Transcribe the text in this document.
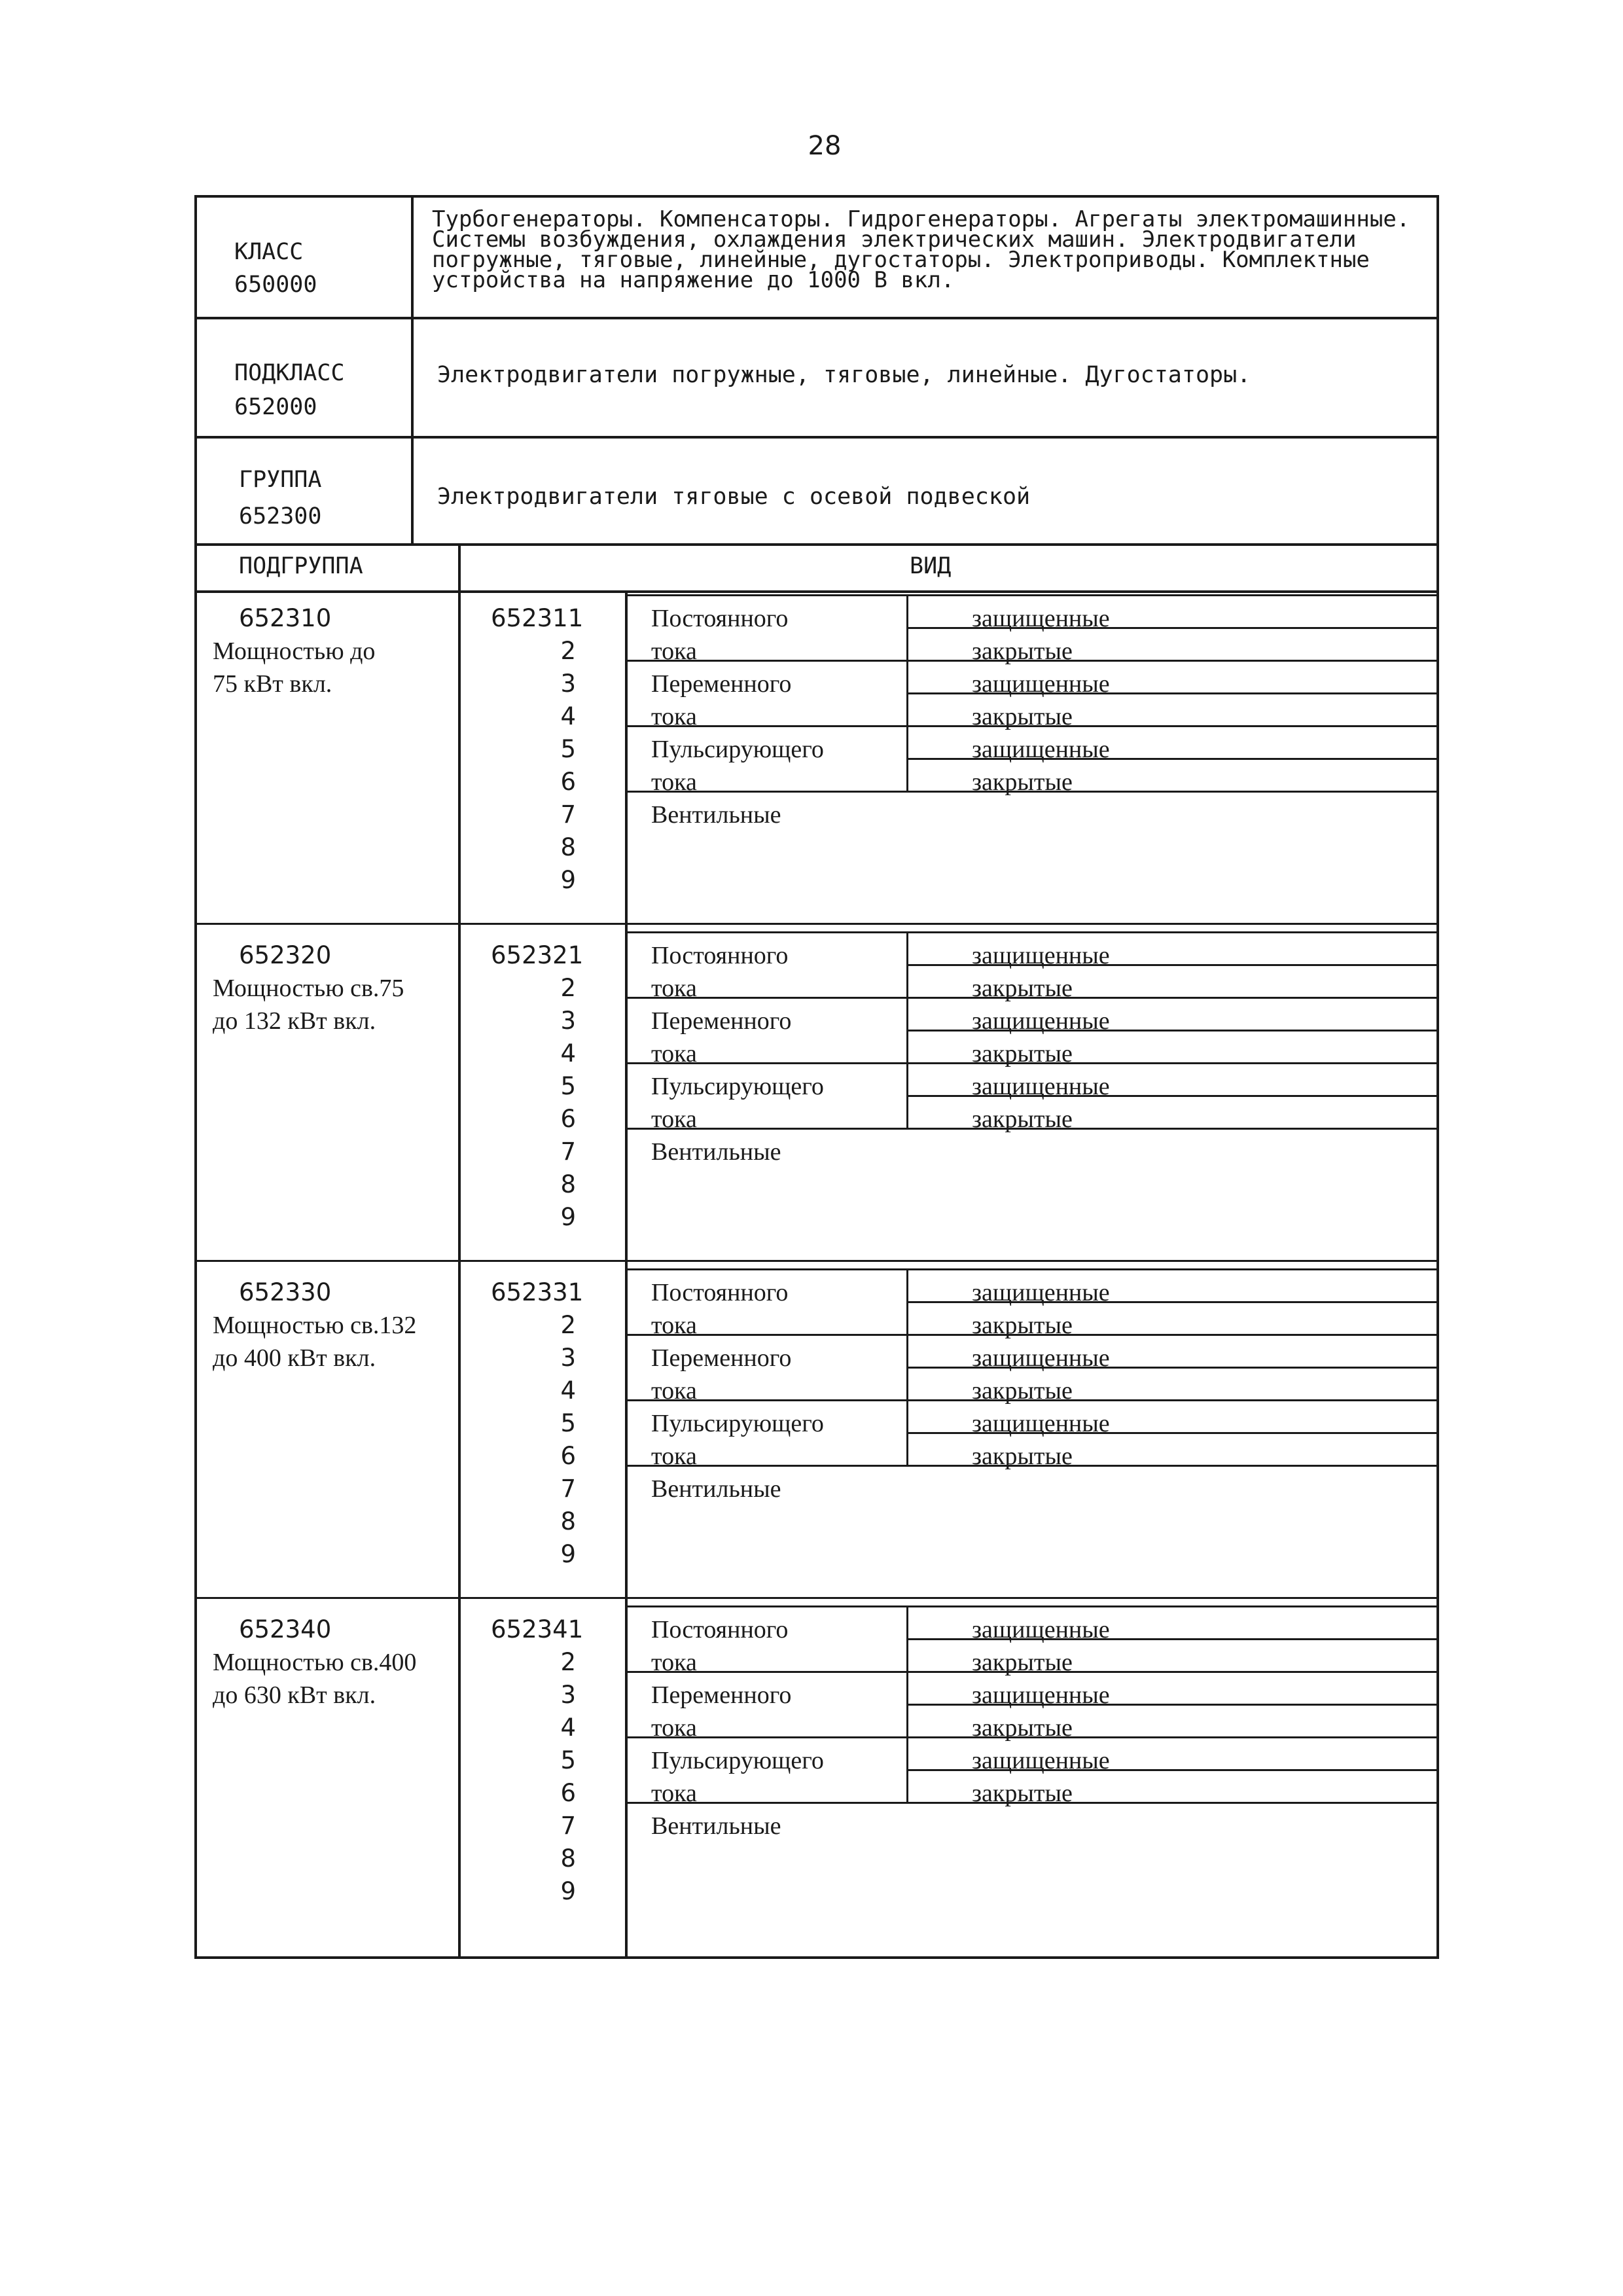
28
КЛАСС
650000
Турбогенераторы. Компенсаторы. Гидрогенераторы. Агрегаты электромашинные. Системы возбуждения, охлаждения электрических машин. Электродвигатели погружные, тяговые, линейные, дугостаторы. Электроприводы. Комплектные устройства на напряжение до 1000 В вкл.
ПОДКЛАСС
652000
Электродвигатели погружные, тяговые, линейные. Дугостаторы.
ГРУППА
652300
Электродвигатели тяговые с осевой подвеской
ПОДГРУППА	ВИД
652310
Мощностью до
75 кВт вкл.
652311
2
3
4
5
6
7
8
9
Постоянного
тока
Переменного
тока
Пульсирующего
тока
защищенные
закрытые
защищенные
закрытые
защищенные
закрытые
Вентильные
652320
Мощностью св.75
до 132 кВт вкл.
652321
2
3
4
5
6
7
8
9
Постоянного
тока
Переменного
тока
Пульсирующего
тока
защищенные
закрытые
защищенные
закрытые
защищенные
закрытые
Вентильные
652330
Мощностью св.132
до 400 кВт вкл.
652331
2
3
4
5
6
7
8
9
Постоянного
тока
Переменного
тока
Пульсирующего
тока
защищенные
закрытые
защищенные
закрытые
защищенные
закрытые
Вентильные
652340
Мощностью св.400
до 630 кВт вкл.
652341
2
3
4
5
6
7
8
9
Постоянного
тока
Переменного
тока
Пульсирующего
тока
защищенные
закрытые
защищенные
закрытые
защищенные
закрытые
Вентильные
